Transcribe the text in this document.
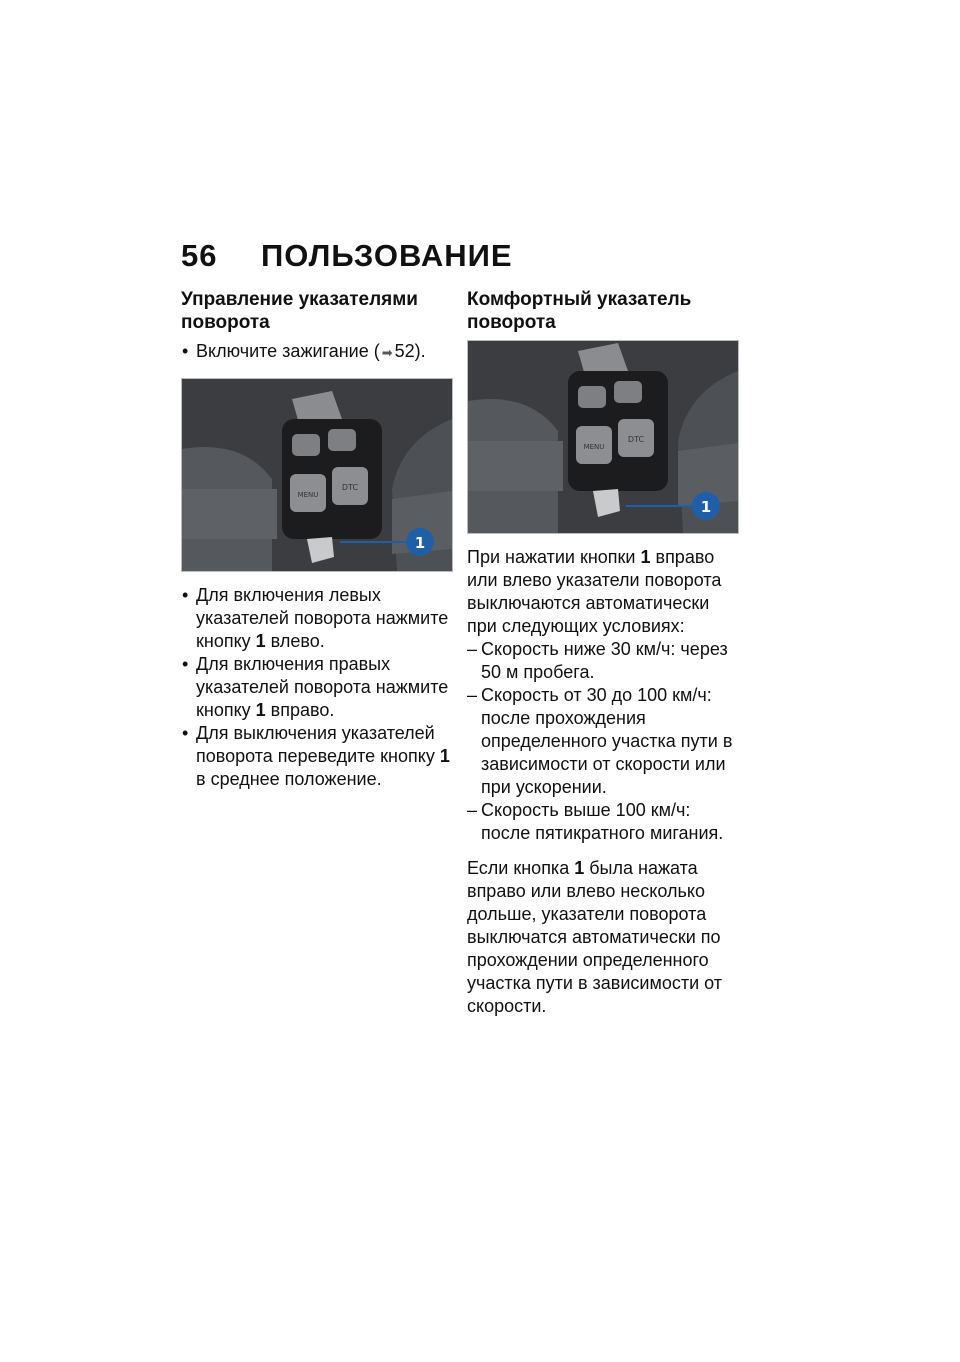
56 ПОЛЬЗОВАНИЕ
Управление указателями поворота
• Включите зажигание ( ➡ 52).
MENU
DTC
1
• Для включения левых указателей поворота нажмите кнопку 1 влево.
• Для включения правых указателей поворота нажмите кнопку 1 вправо.
• Для выключения указателей поворота переведите кнопку 1 в среднее положение.
Комфортный указатель поворота
MENU
DTC
1

При нажатии кнопки 1 вправо или влево указатели поворота выключаются автоматически при следующих условиях:

– Скорость ниже 30 км/ч: через 50 м пробега.
– Скорость от 30 до 100 км/ч: после прохождения определенного участка пути в зависимости от скорости или при ускорении.
– Скорость выше 100 км/ч: после пятикратного мигания.

Если кнопка 1 была нажата вправо или влево несколько дольше, указатели поворота выключатся автоматически по прохождении определенного участка пути в зависимости от скорости.
